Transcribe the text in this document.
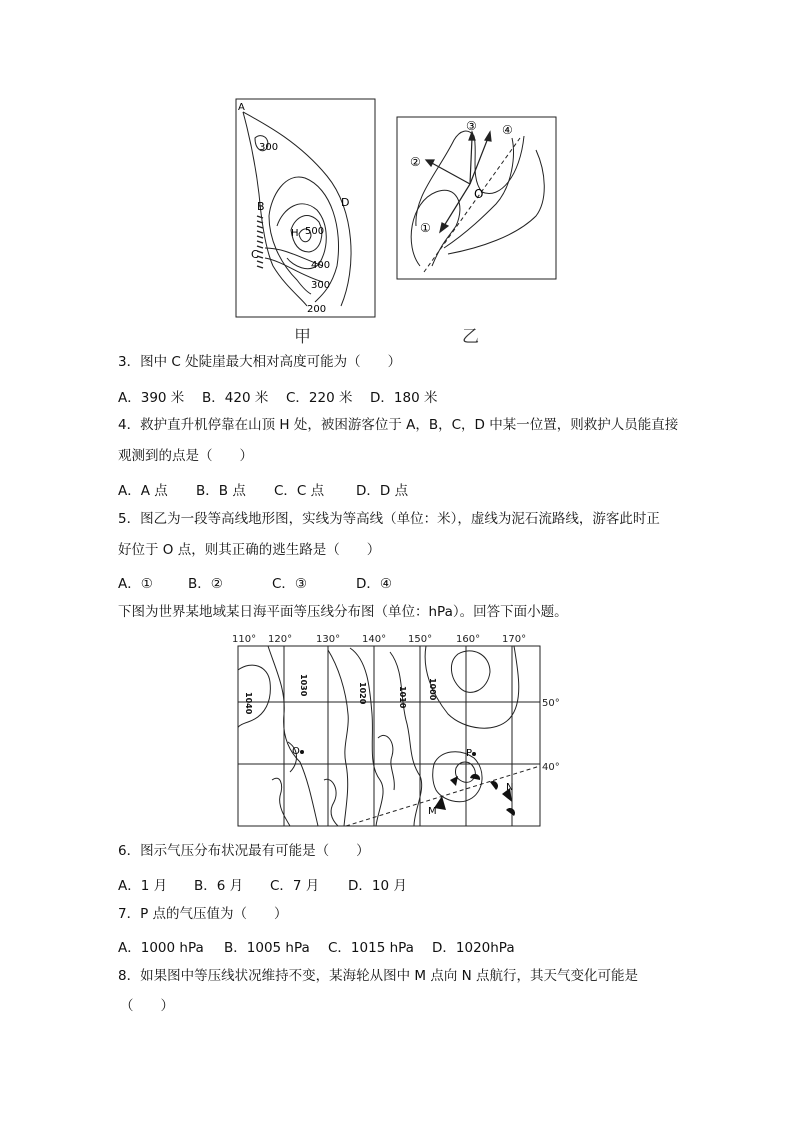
A
B
C
D
300
500
400
300
200
H
甲
①
②
③ ④
O
乙
3．图中 C 处陡崖最大相对高度可能为（　　）
A．390 米 B．420 米 C．220 米 D．180 米
4．救护直升机停靠在山顶 H 处，被困游客位于 A，B，C，D 中某一位置，则救护人员能直接
观测到的点是（　　）
A．A 点 B．B 点 C．C 点 D．D 点
5．图乙为一段等高线地形图，实线为等高线（单位：米），虚线为泥石流路线，游客此时正
好位于 O 点，则其正确的逃生路是（　　）
A．①	B．②	C．③	D．④
下图为世界某地域某日海平面等压线分布图（单位：hPa）。回答下面小题。
110° 120° 130° 140° 150° 160° 170°
50°
40°
1040
1030	1020	1010	1000
O	P
M
N
6．图示气压分布状况最有可能是（　　）
A．1 月 B．6 月 C．7 月 D．10 月
7．P 点的气压值为（　　）
A．1000 hPa B．1005 hPa C．1015 hPa D．1020hPa
8．如果图中等压线状况维持不变，某海轮从图中 M 点向 N 点航行，其天气变化可能是
（　　）
